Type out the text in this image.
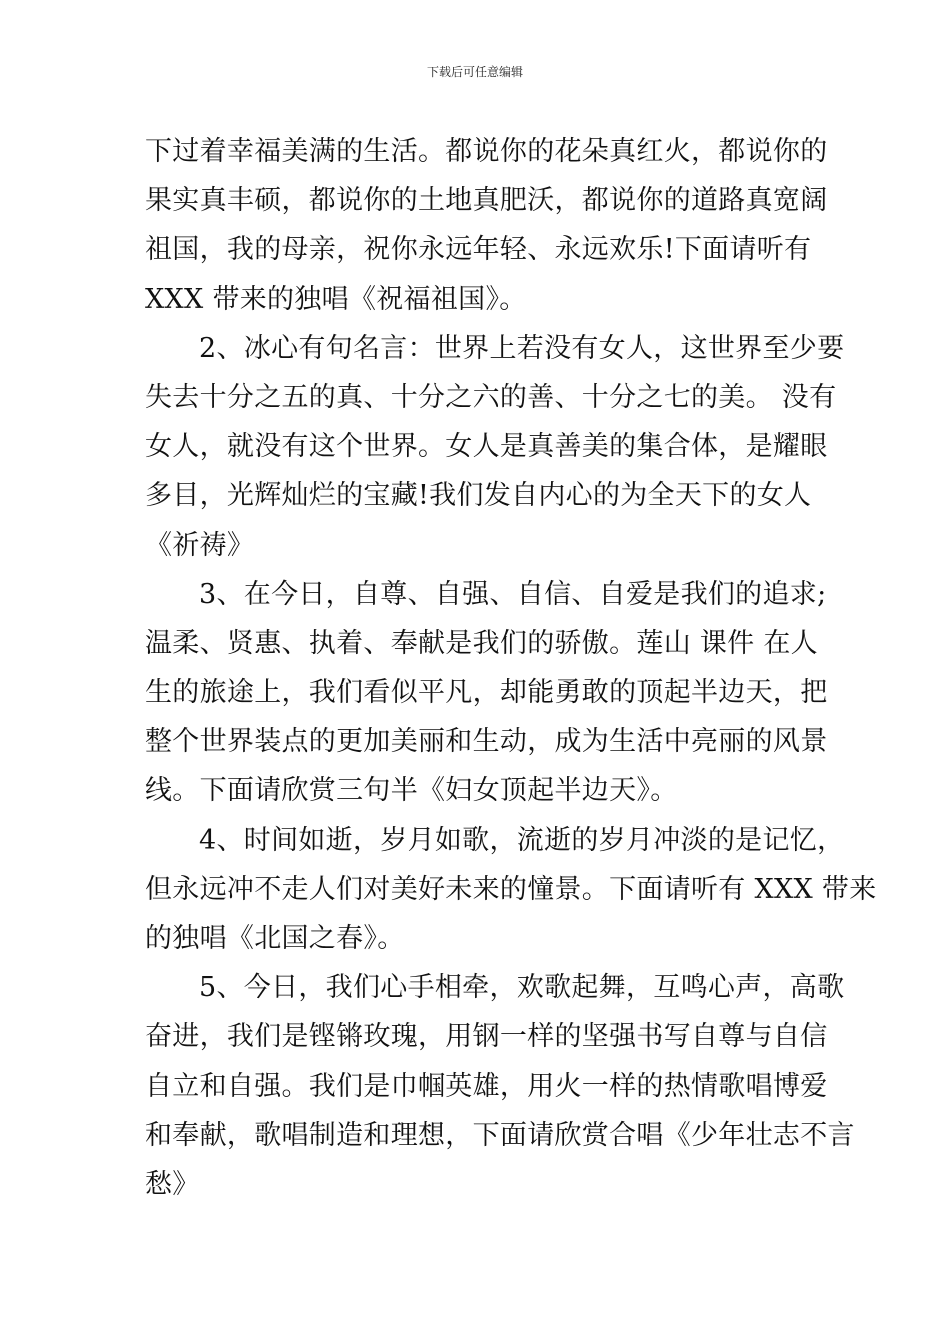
下载后可任意编辑
下过着幸福美满的生活。都说你的花朵真红火，都说你的
果实真丰硕，都说你的土地真肥沃，都说你的道路真宽阔
祖国，我的母亲，祝你永远年轻、永远欢乐!下面请听有
XXX 带来的独唱《祝福祖国》。
2、冰心有句名言：世界上若没有女人，这世界至少要
失去十分之五的真、十分之六的善、十分之七的美。 没有
女人，就没有这个世界。女人是真善美的集合体，是耀眼
多目，光辉灿烂的宝藏!我们发自内心的为全天下的女人
《祈祷》
3、在今日，自尊、自强、自信、自爱是我们的追求;
温柔、贤惠、执着、奉献是我们的骄傲。莲山 课件 在人
生的旅途上，我们看似平凡，却能勇敢的顶起半边天，把
整个世界装点的更加美丽和生动，成为生活中亮丽的风景
线。下面请欣赏三句半《妇女顶起半边天》。
4、时间如逝，岁月如歌，流逝的岁月冲淡的是记忆，
但永远冲不走人们对美好未来的憧景。下面请听有 XXX 带来
的独唱《北国之春》。
5、今日，我们心手相牵，欢歌起舞，互鸣心声，高歌
奋进，我们是铿锵玫瑰，用钢一样的坚强书写自尊与自信
自立和自强。我们是巾帼英雄，用火一样的热情歌唱博爱
和奉献，歌唱制造和理想，下面请欣赏合唱《少年壮志不言
愁》
